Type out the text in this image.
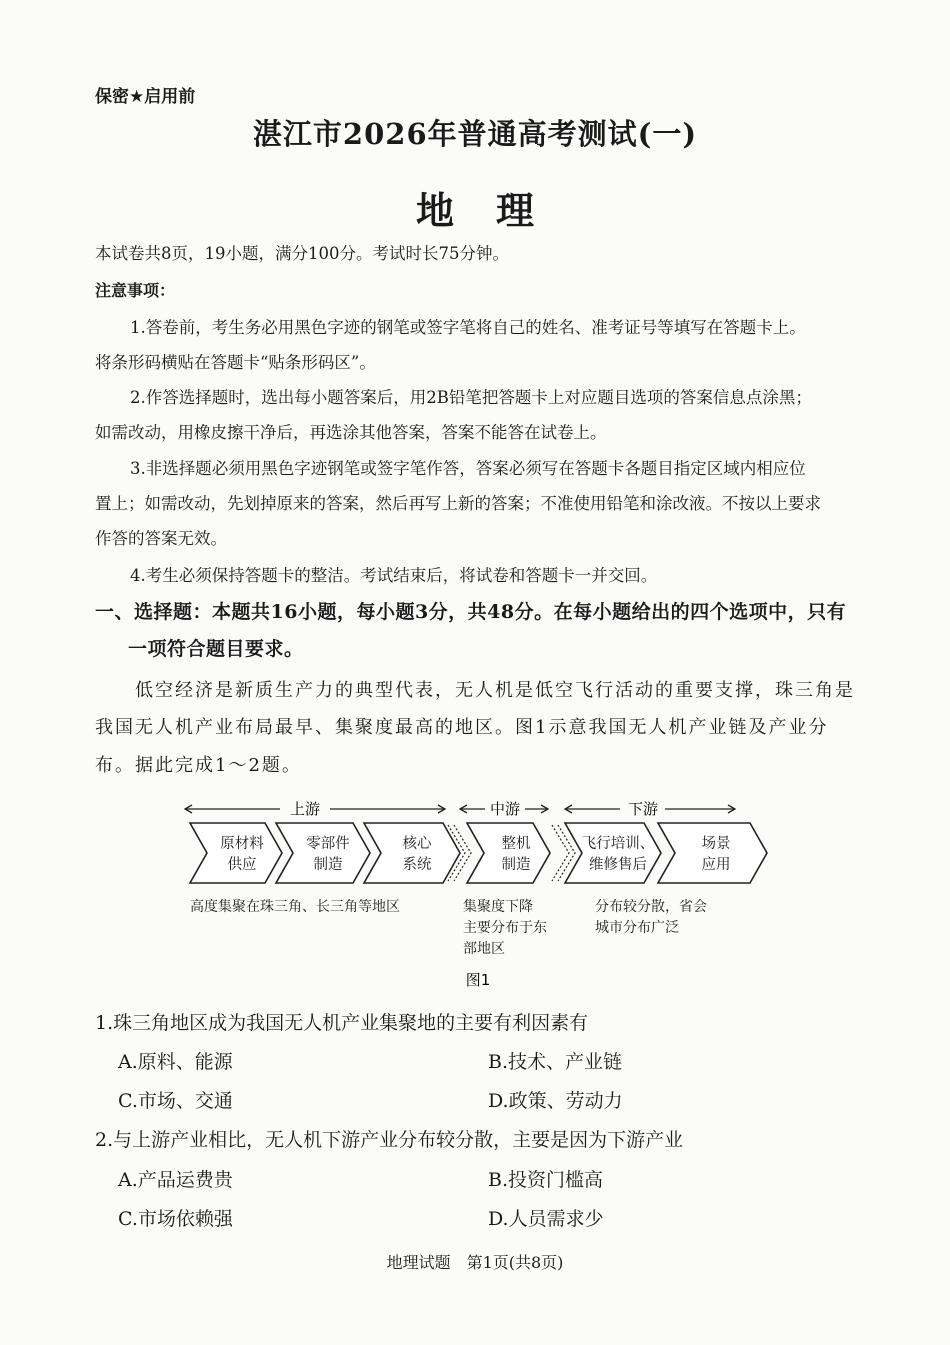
保密★启用前
湛江市2026年普通高考测试(一)
地理
本试卷共8页，19小题，满分100分。考试时长75分钟。
注意事项：
1.答卷前，考生务必用黑色字迹的钢笔或签字笔将自己的姓名、准考证号等填写在答题卡上。
将条形码横贴在答题卡“贴条形码区”。
2.作答选择题时，选出每小题答案后，用2B铅笔把答题卡上对应题目选项的答案信息点涂黑；
如需改动，用橡皮擦干净后，再选涂其他答案，答案不能答在试卷上。
3.非选择题必须用黑色字迹钢笔或签字笔作答，答案必须写在答题卡各题目指定区域内相应位
置上；如需改动，先划掉原来的答案，然后再写上新的答案；不准使用铅笔和涂改液。不按以上要求
作答的答案无效。
4.考生必须保持答题卡的整洁。考试结束后，将试卷和答题卡一并交回。
一、选择题：本题共16小题，每小题3分，共48分。在每小题给出的四个选项中，只有
一项符合题目要求。
低空经济是新质生产力的典型代表，无人机是低空飞行活动的重要支撑，珠三角是
我国无人机产业布局最早、集聚度最高的地区。图1示意我国无人机产业链及产业分
布。据此完成1～2题。
上游	中游	下游
原材料
供应
零部件
制造
核心
系统
整机
制造
飞行培训、
维修售后
场景
应用
高度集聚在珠三角、长三角等地区	集聚度下降
主要分布于东
部地区
分布较分散，省会
城市分布广泛
图1
1.珠三角地区成为我国无人机产业集聚地的主要有利因素有
A.原料、能源	B.技术、产业链
C.市场、交通	D.政策、劳动力
2.与上游产业相比，无人机下游产业分布较分散，主要是因为下游产业
A.产品运费贵	B.投资门槛高
C.市场依赖强	D.人员需求少
地理试题　第1页(共8页)
